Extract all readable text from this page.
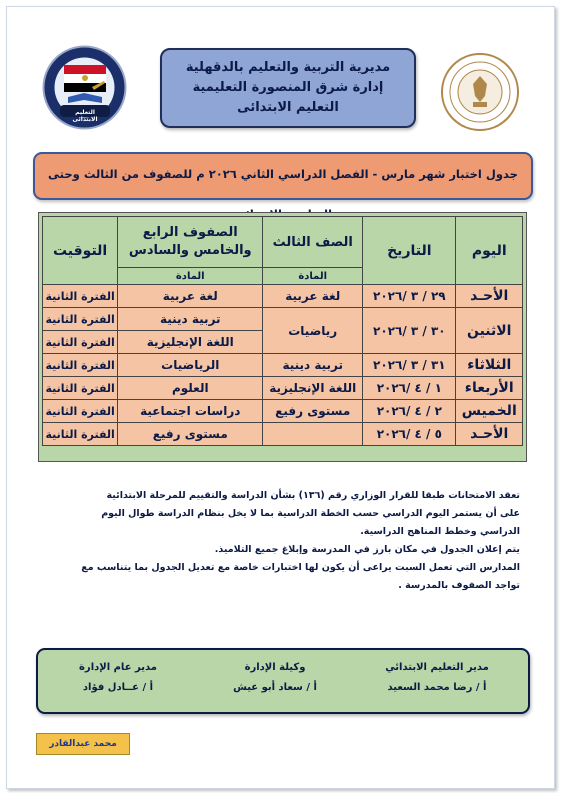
التعليم الابتدائى
مديرية التربية والتعليم بالدقهلية
إدارة شرق المنصورة التعليمية
التعليم الابتدائى
جدول اختبار شهر مارس - الفصل الدراسي الثاني ٢٠٢٦ م للصفوف من الثالث وحتى
اليوم	التاريخ	الصف الثالث	الصفوف الرابع والخامس والسادس	التوقيت
		المادة	المادة	
الأحـد	٢٩ / ٣ /٢٠٢٦	لغة عربية	لغة عربية	الفترة الثانية
الاثنين	٣٠ / ٣ /٢٠٢٦	رياضيات	تربية دينية	الفترة الثانية
			اللغة الإنجليزية	الفترة الثانية
الثلاثاء	٣١ / ٣ /٢٠٢٦	تربية دينية	الرياضيات	الفترة الثانية
الأربعاء	١ / ٤ /٢٠٢٦	اللغة الإنجليزية	العلوم	الفترة الثانية
الخميس	٢ / ٤ /٢٠٢٦	مستوى رفيع	دراسات اجتماعية	الفترة الثانية
الأحـد	٥ / ٤ /٢٠٢٦		مستوى رفيع	الفترة الثانية

تعقد الامتحانات طبقا للقرار الوزاري رقم (١٣٦) بشأن الدراسة والتقييم للمرحلة الابتدائية

على أن يستمر اليوم الدراسي حسب الخطة الدراسية بما لا يخل بنظام الدراسة طوال اليوم

الدراسي وخطط المناهج الدراسية.

يتم إعلان الجدول في مكان بارز في المدرسة وإبلاغ جميع التلاميذ.

المدارس التي تعمل السبت يراعى أن يكون لها اختبارات خاصة مع تعديل الجدول بما يتناسب مع

تواجد الصفوف بالمدرسة .

مدير التعليم الابتدائي
أ / رضا محمد السعيد
وكيلة الإدارة
أ / سعاد أبو عيش
مدير عام الإدارة
أ / عــادل فؤاد
محمد عبدالقادر
